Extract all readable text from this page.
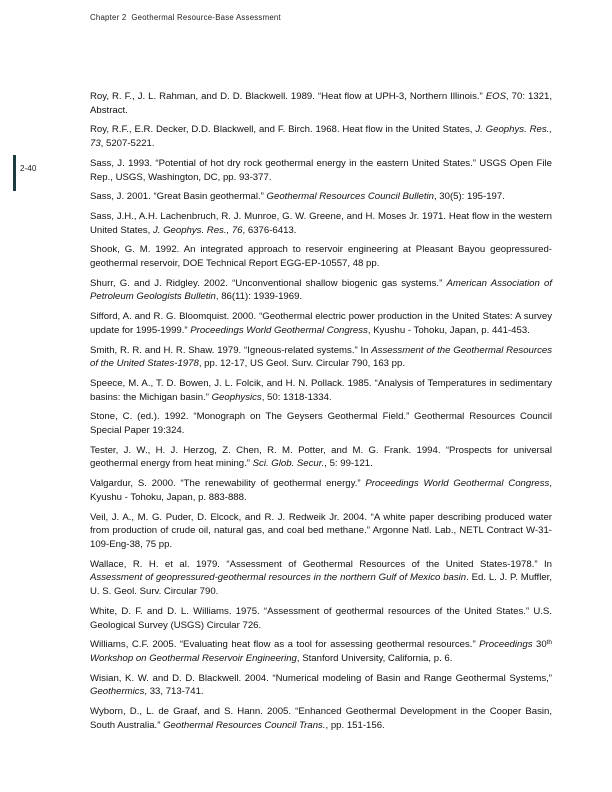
Chapter 2  Geothermal Resource-Base Assessment
2-40

Roy, R. F., J. L. Rahman, and D. D. Blackwell. 1989. “Heat flow at UPH-3, Northern Illinois.” EOS, 70: 1321, Abstract.

Roy, R.F., E.R. Decker, D.D. Blackwell, and F. Birch. 1968. Heat flow in the United States, J. Geophys. Res., 73, 5207-5221.

Sass, J. 1993. “Potential of hot dry rock geothermal energy in the eastern United States.” USGS Open File Rep., USGS, Washington, DC, pp. 93-377.

Sass, J. 2001. “Great Basin geothermal.” Geothermal Resources Council Bulletin, 30(5): 195-197.

Sass, J.H., A.H. Lachenbruch, R. J. Munroe, G. W. Greene, and H. Moses Jr. 1971. Heat flow in the western United States, J. Geophys. Res., 76, 6376-6413.

Shook, G. M. 1992. An integrated approach to reservoir engineering at Pleasant Bayou geopressured-geothermal reservoir, DOE Technical Report EGG-EP-10557, 48 pp.

Shurr, G. and J. Ridgley. 2002. “Unconventional shallow biogenic gas systems.” American Association of Petroleum Geologists Bulletin, 86(11): 1939-1969.

Sifford, A. and R. G. Bloomquist. 2000. “Geothermal electric power production in the United States: A survey update for 1995-1999.” Proceedings World Geothermal Congress, Kyushu - Tohoku, Japan, p. 441-453.

Smith, R. R. and H. R. Shaw. 1979. “Igneous-related systems.” In Assessment of the Geothermal Resources of the United States-1978, pp. 12-17, US Geol. Surv. Circular 790, 163 pp.

Speece, M. A., T. D. Bowen, J. L. Folcik, and H. N. Pollack. 1985. “Analysis of Temperatures in sedimentary basins: the Michigan basin.” Geophysics, 50: 1318-1334.

Stone, C. (ed.). 1992. “Monograph on The Geysers Geothermal Field.” Geothermal Resources Council Special Paper 19:324.

Tester, J. W., H. J. Herzog, Z. Chen, R. M. Potter, and M. G. Frank. 1994. “Prospects for universal geothermal energy from heat mining.” Sci. Glob. Secur., 5: 99-121.

Valgardur, S. 2000. “The renewability of geothermal energy.” Proceedings World Geothermal Congress, Kyushu - Tohoku, Japan, p. 883-888.

Veil, J. A., M. G. Puder, D. Elcock, and R. J. Redweik Jr. 2004. “A white paper describing produced water from production of crude oil, natural gas, and coal bed methane.” Argonne Natl. Lab., NETL Contract W-31-109-Eng-38, 75 pp.

Wallace, R. H. et al. 1979. “Assessment of Geothermal Resources of the United States-1978.” In Assessment of geopressured-geothermal resources in the northern Gulf of Mexico basin. Ed. L. J. P. Muffler, U. S. Geol. Surv. Circular 790.

White, D. F. and D. L. Williams. 1975. “Assessment of geothermal resources of the United States.” U.S. Geological Survey (USGS) Circular 726.

Williams, C.F. 2005. “Evaluating heat flow as a tool for assessing geothermal resources.” Proceedings 30th Workshop on Geothermal Reservoir Engineering, Stanford University, California, p. 6.

Wisian, K. W. and D. D. Blackwell. 2004. “Numerical modeling of Basin and Range Geothermal Systems,” Geothermics, 33, 713-741.

Wyborn, D., L. de Graaf, and S. Hann. 2005. “Enhanced Geothermal Development in the Cooper Basin, South Australia.” Geothermal Resources Council Trans., pp. 151-156.
